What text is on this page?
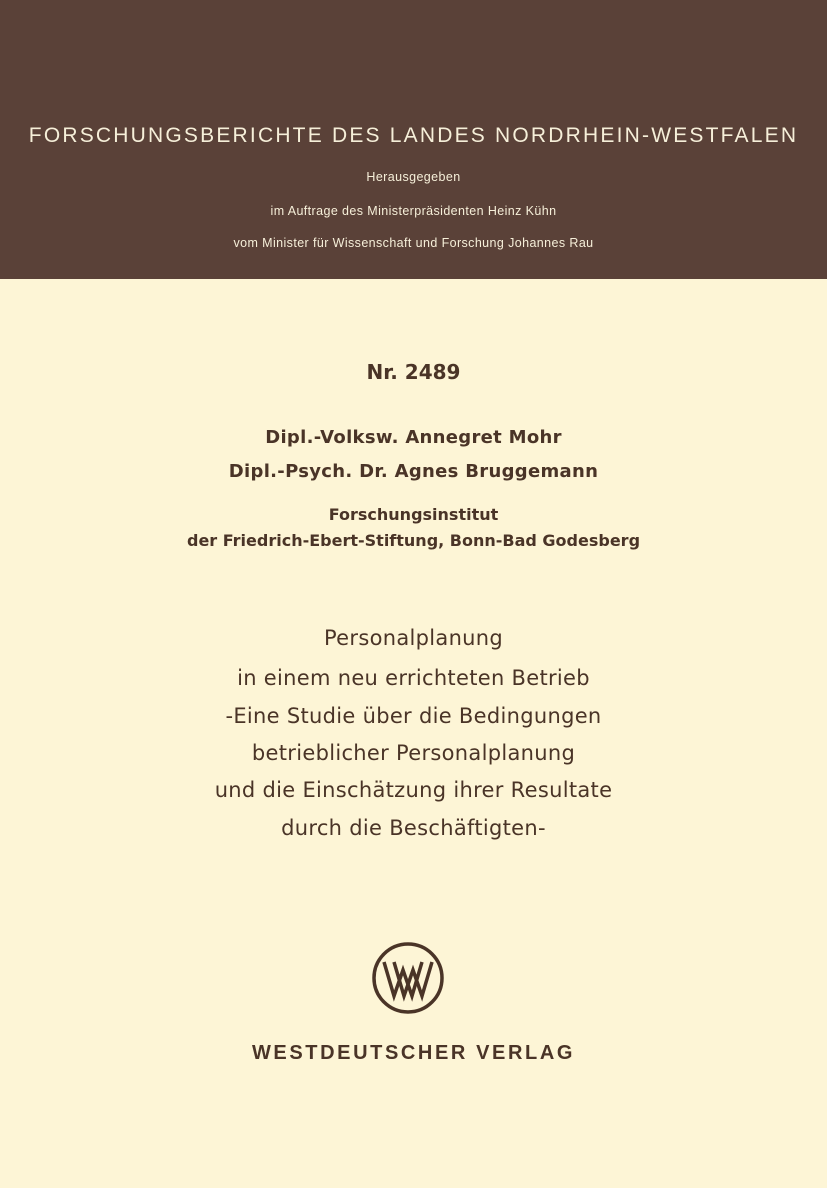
FORSCHUNGSBERICHTE DES LANDES NORDRHEIN-WESTFALEN
Herausgegeben
im Auftrage des Ministerpräsidenten Heinz Kühn
vom Minister für Wissenschaft und Forschung Johannes Rau
Nr. 2489
Dipl.-Volksw. Annegret Mohr
Dipl.-Psych. Dr. Agnes Bruggemann
Forschungsinstitut
der Friedrich-Ebert-Stiftung, Bonn-Bad Godesberg
Personalplanung
in einem neu errichteten Betrieb
-Eine Studie über die Bedingungen
betrieblicher Personalplanung
und die Einschätzung ihrer Resultate
durch die Beschäftigten-
WESTDEUTSCHER VERLAG
